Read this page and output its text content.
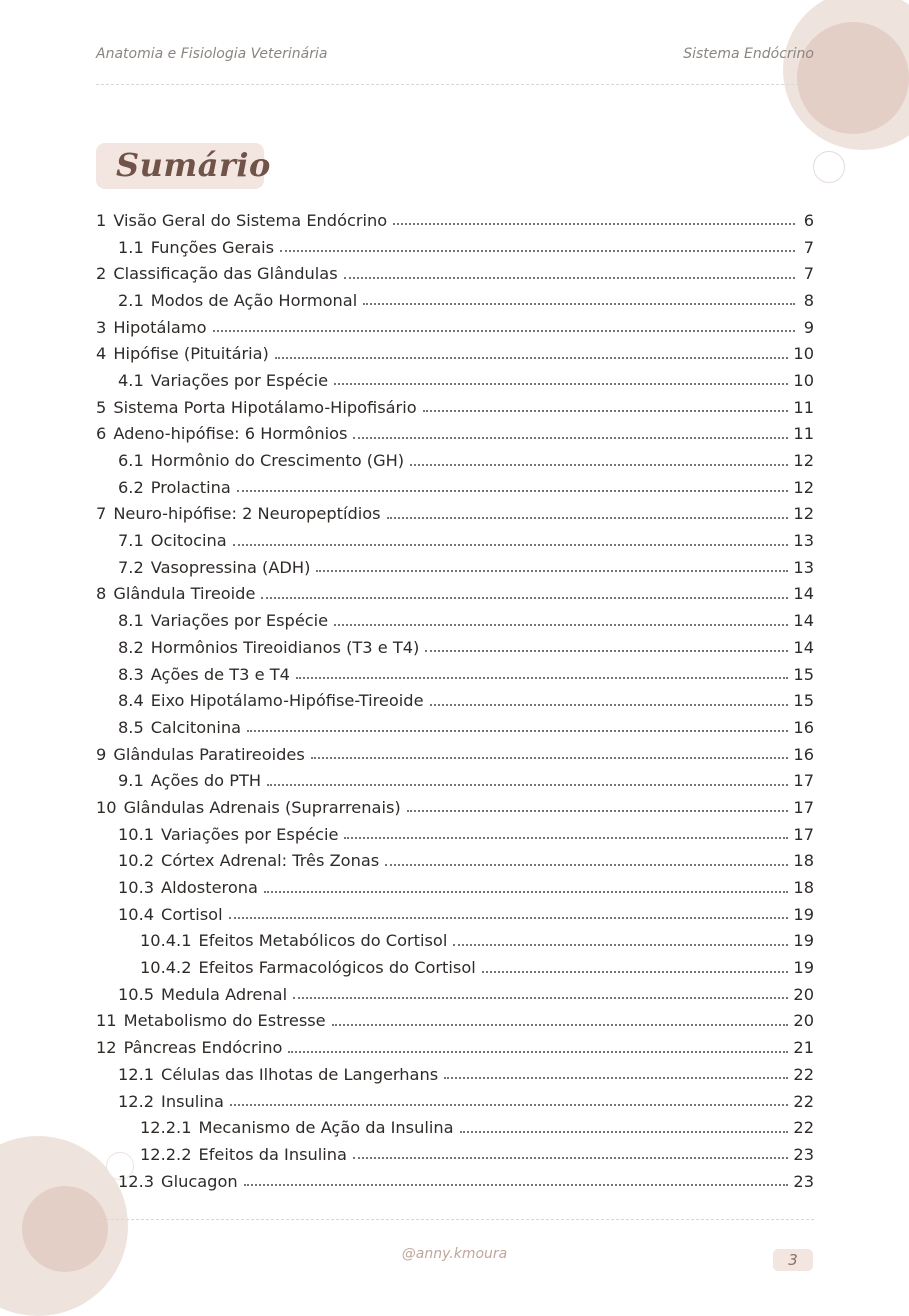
Anatomia e Fisiologia Veterinária	Sistema Endócrino
Sumário
1 Visão Geral do Sistema Endócrino	6
1.1 Funções Gerais	7
2 Classificação das Glândulas	7
2.1 Modos de Ação Hormonal	8
3 Hipotálamo	9
4 Hipófise (Pituitária)	10
4.1 Variações por Espécie	10
5 Sistema Porta Hipotálamo-Hipofisário	11
6 Adeno-hipófise: 6 Hormônios	11
6.1 Hormônio do Crescimento (GH)	12
6.2 Prolactina	12
7 Neuro-hipófise: 2 Neuropeptídios	12
7.1 Ocitocina	13
7.2 Vasopressina (ADH)	13
8 Glândula Tireoide	14
8.1 Variações por Espécie	14
8.2 Hormônios Tireoidianos (T3 e T4)	14
8.3 Ações de T3 e T4	15
8.4 Eixo Hipotálamo-Hipófise-Tireoide	15
8.5 Calcitonina	16
9 Glândulas Paratireoides	16
9.1 Ações do PTH	17
10 Glândulas Adrenais (Suprarrenais)	17
10.1 Variações por Espécie	17
10.2 Córtex Adrenal: Três Zonas	18
10.3 Aldosterona	18
10.4 Cortisol	19
10.4.1 Efeitos Metabólicos do Cortisol	19
10.4.2 Efeitos Farmacológicos do Cortisol	19
10.5 Medula Adrenal	20
11 Metabolismo do Estresse	20
12 Pâncreas Endócrino	21
12.1 Células das Ilhotas de Langerhans	22
12.2 Insulina	22
12.2.1 Mecanismo de Ação da Insulina	22
12.2.2 Efeitos da Insulina	23
12.3 Glucagon	23
@anny.kmoura	3
